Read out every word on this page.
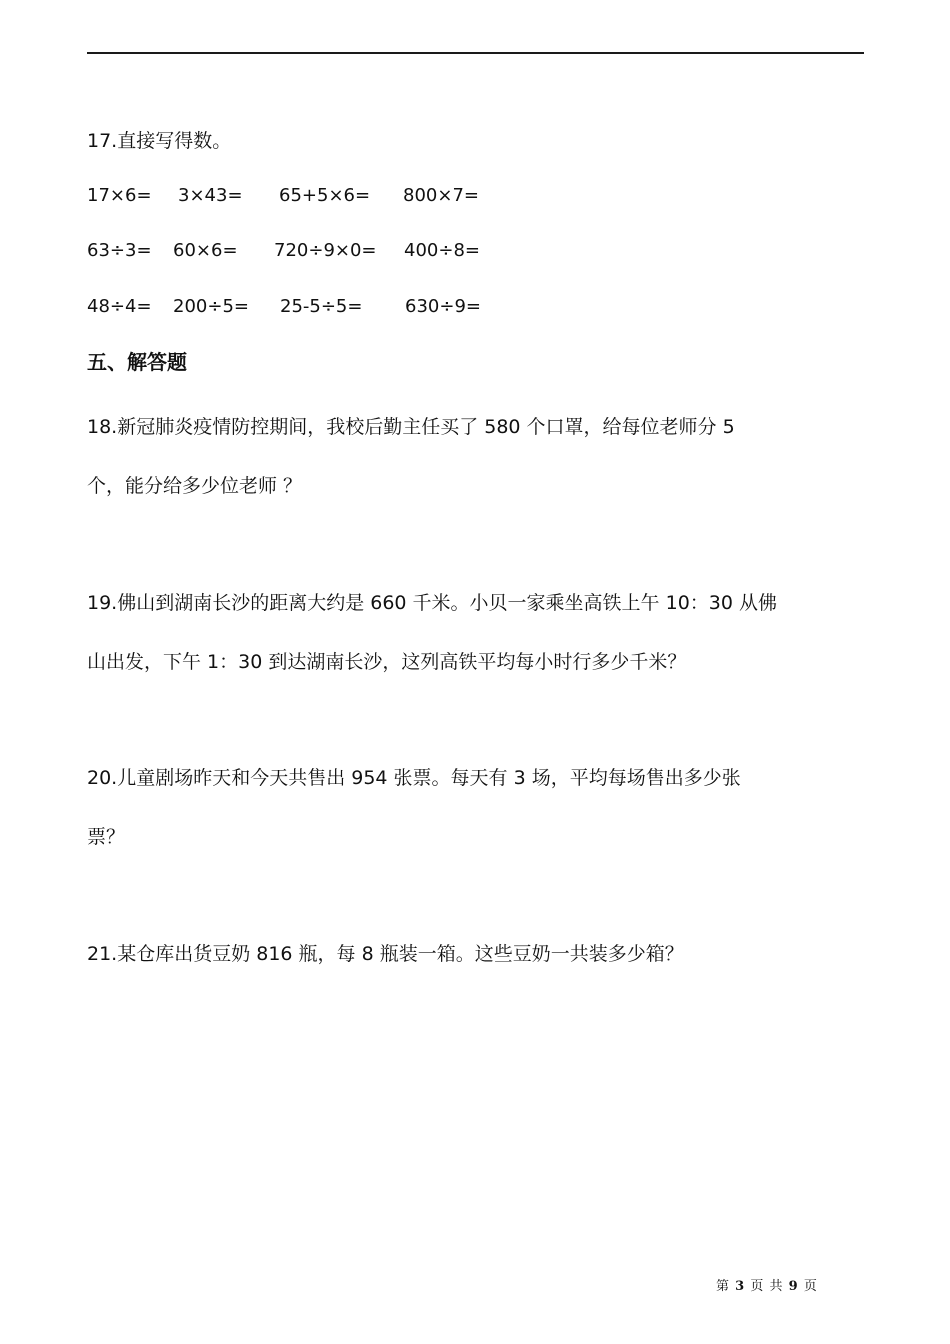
17.直接写得数。
17×6= 3×43= 65+5×6= 800×7=
63÷3= 60×6= 720÷9×0= 400÷8=
48÷4= 200÷5= 25-5÷5= 630÷9=
五、解答题
18.新冠肺炎疫情防控期间，我校后勤主任买了 580 个口罩，给每位老师分 5
个，能分给多少位老师 ？
19.佛山到湖南长沙的距离大约是 660 千米。小贝一家乘坐高铁上午 10：30 从佛
山出发，下午 1：30 到达湖南长沙，这列高铁平均每小时行多少千米？
20.儿童剧场昨天和今天共售出 954 张票。每天有 3 场，平均每场售出多少张
票？
21.某仓库出货豆奶 816 瓶，每 8 瓶装一箱。这些豆奶一共装多少箱？
第 3 页 共 9 页
